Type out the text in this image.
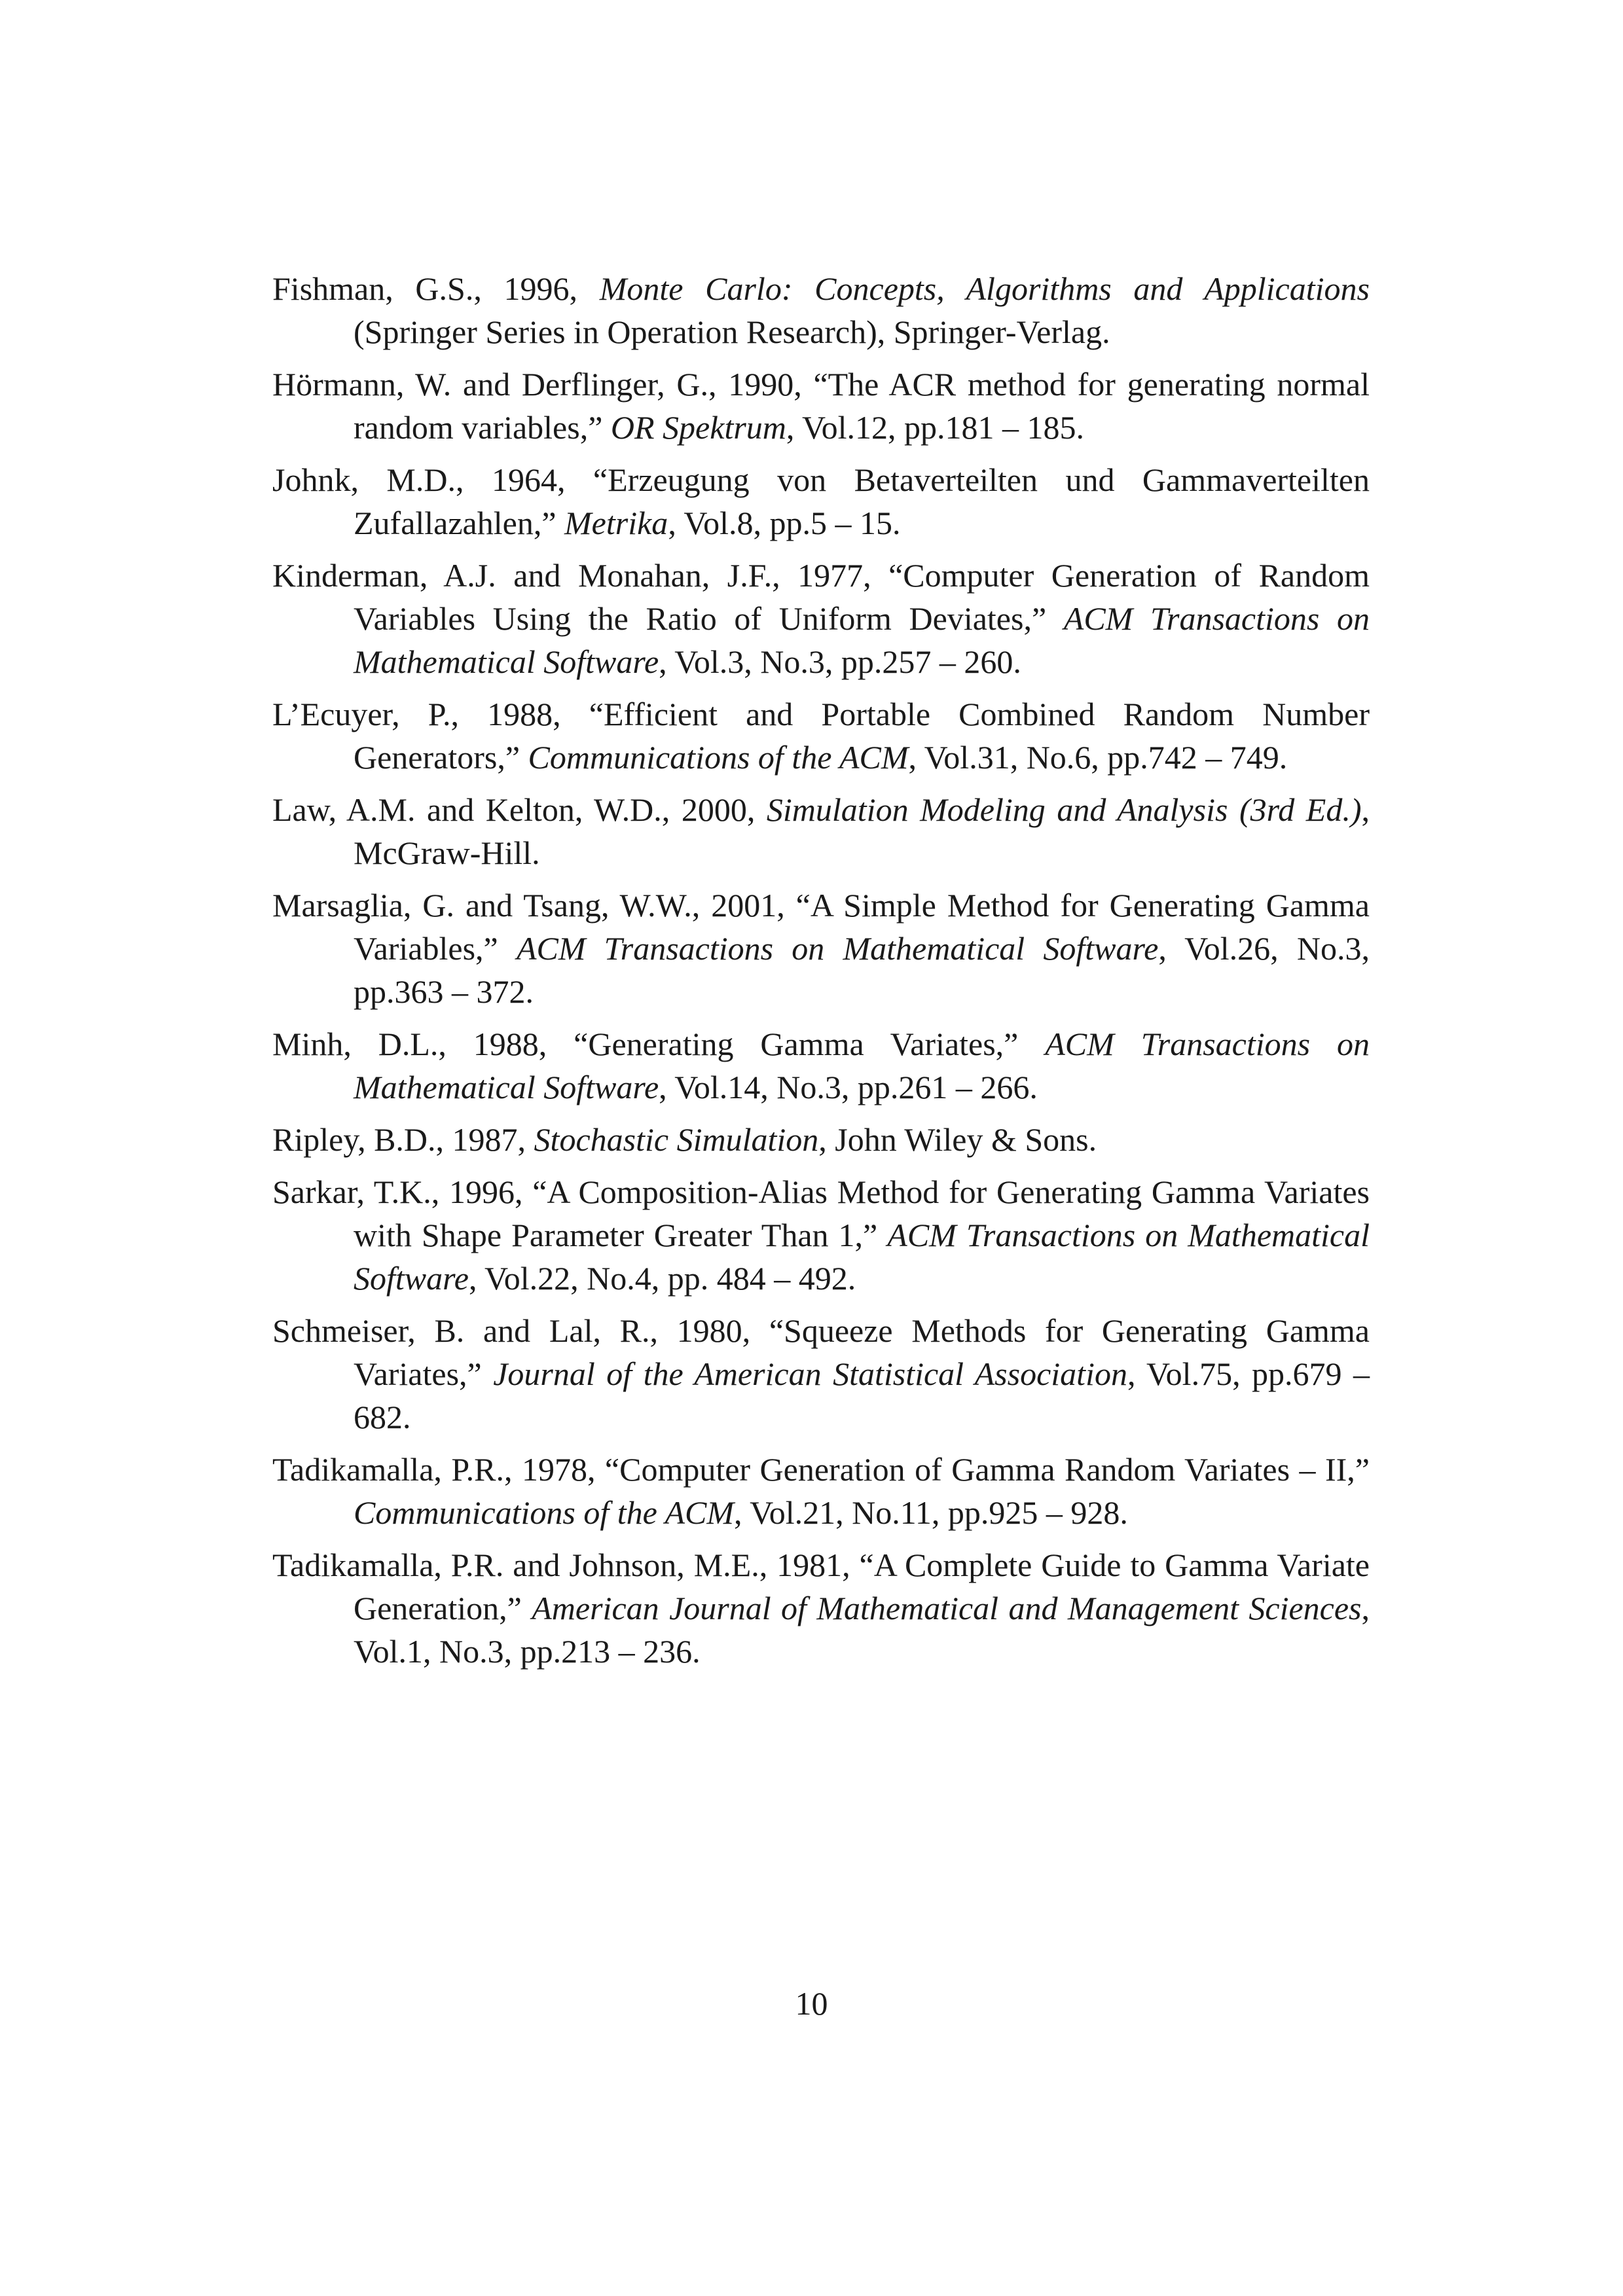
Fishman, G.S., 1996, Monte Carlo: Concepts, Algorithms and Applications (Springer Series in Operation Research), Springer-Verlag.

Hörmann, W. and Derflinger, G., 1990, “The ACR method for generating normal random variables,” OR Spektrum, Vol.12, pp.181 – 185.

Johnk, M.D., 1964, “Erzeugung von Betaverteilten und Gammaverteilten Zufallazahlen,” Metrika, Vol.8, pp.5 – 15.

Kinderman, A.J. and Monahan, J.F., 1977, “Computer Generation of Random Variables Using the Ratio of Uniform Deviates,” ACM Transactions on Mathematical Software, Vol.3, No.3, pp.257 – 260.

L’Ecuyer, P., 1988, “Efficient and Portable Combined Random Number Generators,” Communications of the ACM, Vol.31, No.6, pp.742 – 749.

Law, A.M. and Kelton, W.D., 2000, Simulation Modeling and Analysis (3rd Ed.), McGraw-Hill.

Marsaglia, G. and Tsang, W.W., 2001, “A Simple Method for Generating Gamma Variables,” ACM Transactions on Mathematical Software, Vol.26, No.3, pp.363 – 372.

Minh, D.L., 1988, “Generating Gamma Variates,” ACM Transactions on Mathematical Software, Vol.14, No.3, pp.261 – 266.

Ripley, B.D., 1987, Stochastic Simulation, John Wiley & Sons.

Sarkar, T.K., 1996, “A Composition-Alias Method for Generating Gamma Variates with Shape Parameter Greater Than 1,” ACM Transactions on Mathematical Software, Vol.22, No.4, pp. 484 – 492.

Schmeiser, B. and Lal, R., 1980, “Squeeze Methods for Generating Gamma Variates,” Journal of the American Statistical Association, Vol.75, pp.679 – 682.

Tadikamalla, P.R., 1978, “Computer Generation of Gamma Random Variates – II,” Communications of the ACM, Vol.21, No.11, pp.925 – 928.

Tadikamalla, P.R. and Johnson, M.E., 1981, “A Complete Guide to Gamma Variate Generation,” American Journal of Mathematical and Management Sciences, Vol.1, No.3, pp.213 – 236.

10
